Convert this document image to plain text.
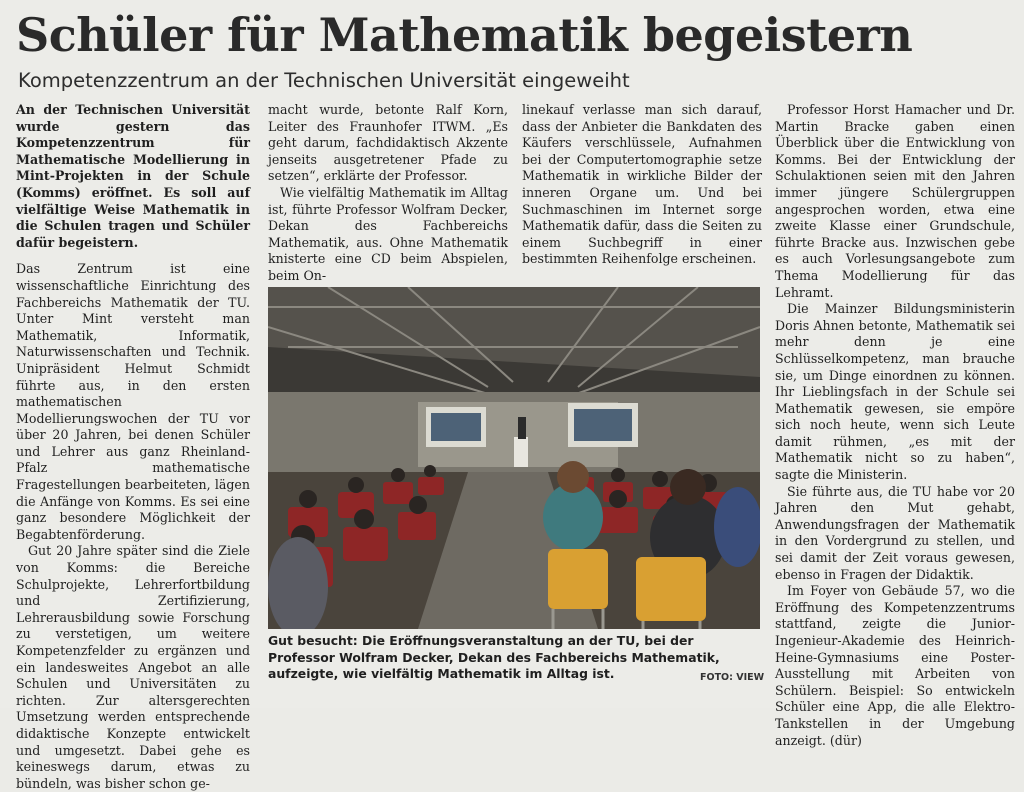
Schüler für Mathematik begeistern
Kompetenzzentrum an der Technischen Universität eingeweiht

An der Technischen Universität wurde gestern das Kompetenzzentrum für Mathematische Modellierung in Mint-Projekten in der Schule (Komms) eröffnet. Es soll auf vielfältige Weise Mathematik in die Schulen tragen und Schüler dafür begeistern.

Das Zentrum ist eine wissenschaftliche Einrichtung des Fachbereichs Mathematik der TU. Unter Mint versteht man Mathematik, Informatik, Naturwissenschaften und Technik. Unipräsident Helmut Schmidt führte aus, in den ersten mathematischen Modellierungswochen der TU vor über 20 Jahren, bei denen Schüler und Lehrer aus ganz Rheinland-Pfalz mathematische Fragestellungen bearbeiteten, lägen die Anfänge von Komms. Es sei eine ganz besondere Möglichkeit der Begabtenförderung.

Gut 20 Jahre später sind die Ziele von Komms: die Bereiche Schulprojekte, Lehrerfortbildung und Zertifizierung, Lehrerausbildung sowie Forschung zu verstetigen, um weitere Kompetenzfelder zu ergänzen und ein landesweites Angebot an alle Schulen und Universitäten zu richten. Zur altersgerechten Umsetzung werden entsprechende didaktische Konzepte entwickelt und umgesetzt. Dabei gehe es keineswegs darum, etwas zu bündeln, was bisher schon ge-

macht wurde, betonte Ralf Korn, Leiter des Fraunhofer ITWM. „Es geht darum, fachdidaktisch Akzente jenseits ausgetretener Pfade zu setzen“, erklärte der Professor.

Wie vielfältig Mathematik im Alltag ist, führte Professor Wolfram Decker, Dekan des Fachbereichs Mathematik, aus. Ohne Mathematik knisterte eine CD beim Abspielen, beim On-

linekauf verlasse man sich darauf, dass der Anbieter die Bankdaten des Käufers verschlüssele, Aufnahmen bei der Computertomographie setze Mathematik in wirkliche Bilder der inneren Organe um. Und bei Suchmaschinen im Internet sorge Mathematik dafür, dass die Seiten zu einem Suchbegriff in einer bestimmten Reihenfolge erscheinen.

Professor Horst Hamacher und Dr. Martin Bracke gaben einen Überblick über die Entwicklung von Komms. Bei der Entwicklung der Schulaktionen seien mit den Jahren immer jüngere Schülergruppen angesprochen worden, etwa eine zweite Klasse einer Grundschule, führte Bracke aus. Inzwischen gebe es auch Vorlesungsangebote zum Thema Modellierung für das Lehramt.

Die Mainzer Bildungsministerin Doris Ahnen betonte, Mathematik sei mehr denn je eine Schlüsselkompetenz, man brauche sie, um Dinge einordnen zu können. Ihr Lieblingsfach in der Schule sei Mathematik gewesen, sie empöre sich noch heute, wenn sich Leute damit rühmen, „es mit der Mathematik nicht so zu haben“, sagte die Ministerin.

Sie führte aus, die TU habe vor 20 Jahren den Mut gehabt, Anwendungsfragen der Mathematik in den Vordergrund zu stellen, und sei damit der Zeit voraus gewesen, ebenso in Fragen der Didaktik.

Im Foyer von Gebäude 57, wo die Eröffnung des Kompetenzzentrums stattfand, zeigte die Junior-Ingenieur-Akademie des Heinrich-Heine-Gymnasiums eine Poster-Ausstellung mit Arbeiten von Schülern. Beispiel: So entwickeln Schüler eine App, die alle Elektro-Tankstellen in der Umgebung anzeigt. (dür)

Gut besucht: Die Eröffnungsveranstaltung an der TU, bei der Professor Wolfram Decker, Dekan des Fachbereichs Mathematik, aufzeigte, wie vielfältig Mathematik im Alltag ist.	FOTO: VIEW
